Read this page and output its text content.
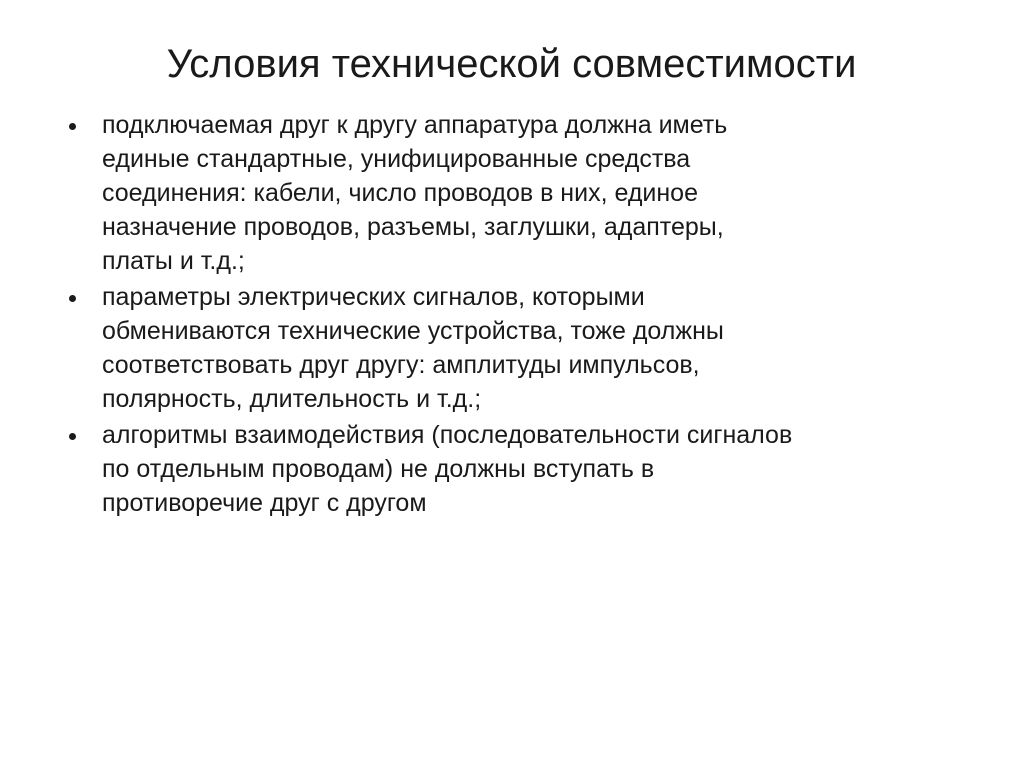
Условия технической совместимости
подключаемая друг к другу аппаратура должна иметь
единые стандартные, унифицированные средства
соединения: кабели, число проводов в них, единое
назначение проводов, разъемы, заглушки, адаптеры,
платы и т.д.;
параметры электрических сигналов, которыми
обмениваются технические устройства, тоже должны
соответствовать друг другу: амплитуды импульсов,
полярность, длительность и т.д.;
алгоритмы взаимодействия (последовательности сигналов
по отдельным проводам) не должны вступать в
противоречие друг с другом
